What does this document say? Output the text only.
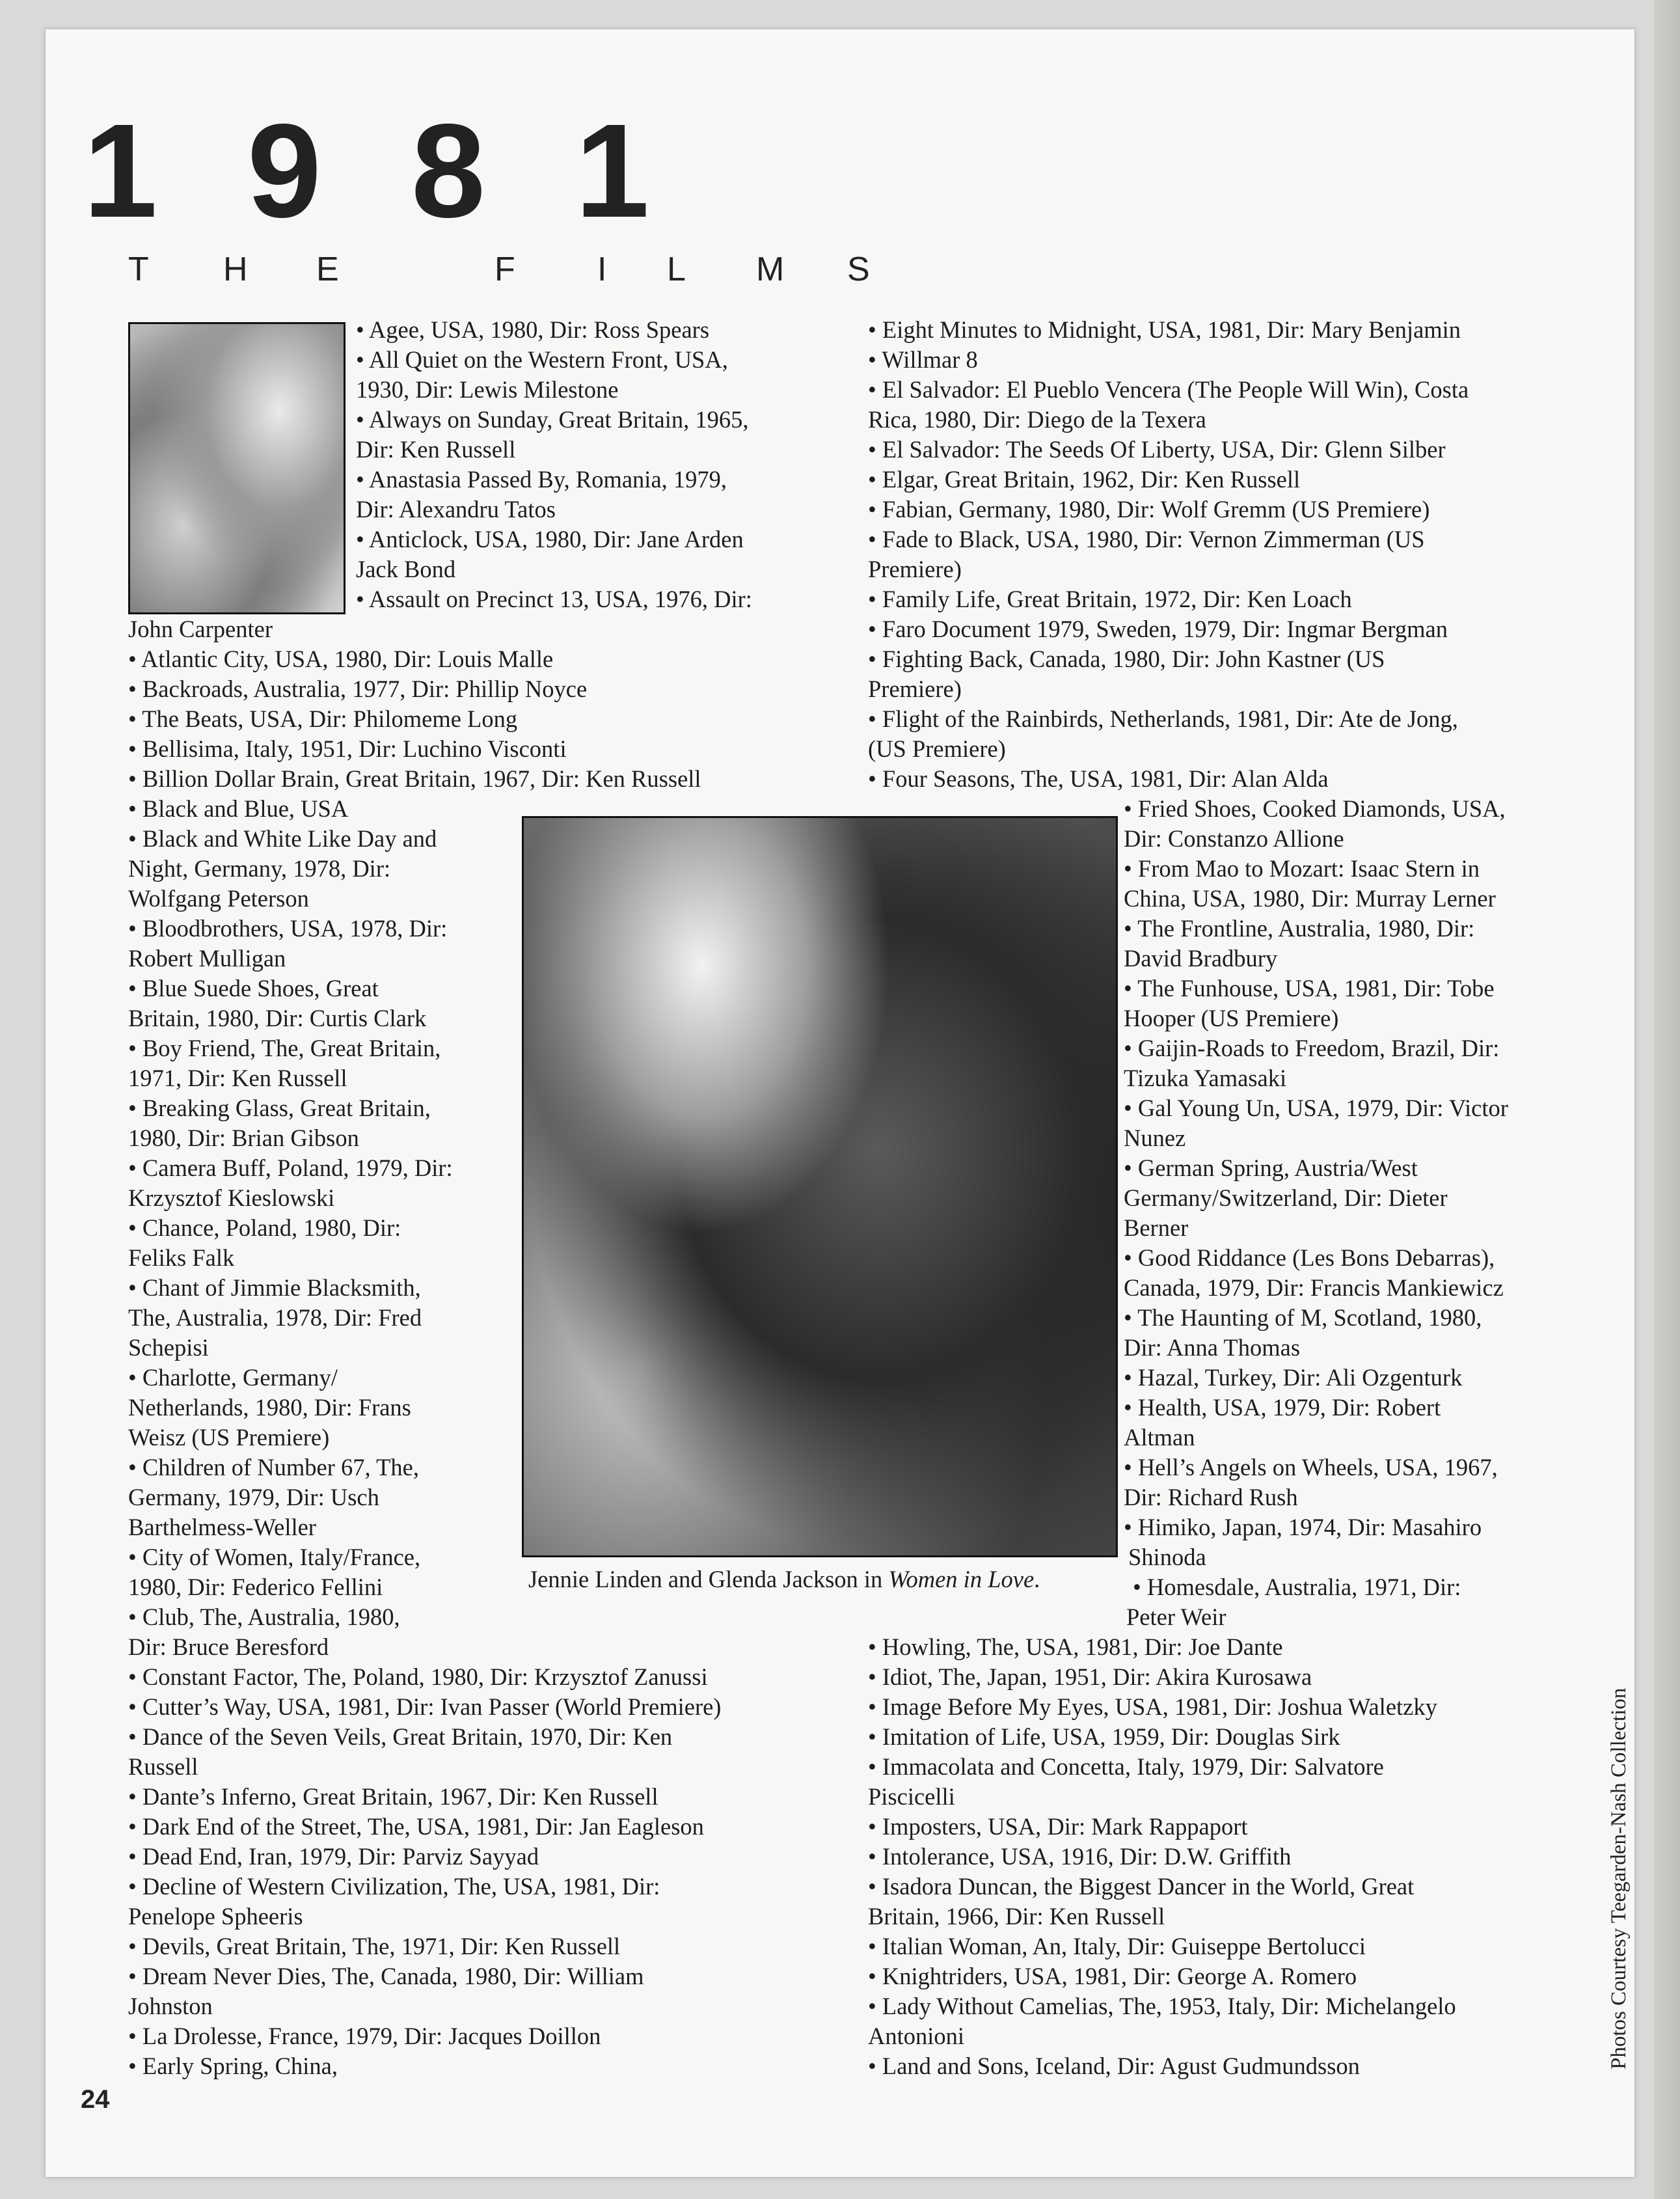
1981
T H E	F I L M S
Jennie Linden and Glenda Jackson in Women in Love.

• Agee, USA, 1980, Dir: Ross Spears

• All Quiet on the Western Front, USA,

1930, Dir: Lewis Milestone

• Always on Sunday, Great Britain, 1965,

Dir: Ken Russell

• Anastasia Passed By, Romania, 1979,

Dir: Alexandru Tatos

• Anticlock, USA, 1980, Dir: Jane Arden

Jack Bond

• Assault on Precinct 13, USA, 1976, Dir:

John Carpenter

• Atlantic City, USA, 1980, Dir: Louis Malle

• Backroads, Australia, 1977, Dir: Phillip Noyce

• The Beats, USA, Dir: Philomeme Long

• Bellisima, Italy, 1951, Dir: Luchino Visconti

• Billion Dollar Brain, Great Britain, 1967, Dir: Ken Russell

• Black and Blue, USA

• Black and White Like Day and

Night, Germany, 1978, Dir:

Wolfgang Peterson

• Bloodbrothers, USA, 1978, Dir:

Robert Mulligan

• Blue Suede Shoes, Great

Britain, 1980, Dir: Curtis Clark

• Boy Friend, The, Great Britain,

1971, Dir: Ken Russell

• Breaking Glass, Great Britain,

1980, Dir: Brian Gibson

• Camera Buff, Poland, 1979, Dir:

Krzysztof Kieslowski

• Chance, Poland, 1980, Dir:

Feliks Falk

• Chant of Jimmie Blacksmith,

The, Australia, 1978, Dir: Fred

Schepisi

• Charlotte, Germany/

Netherlands, 1980, Dir: Frans

Weisz (US Premiere)

• Children of Number 67, The,

Germany, 1979, Dir: Usch

Barthelmess-Weller

• City of Women, Italy/France,

1980, Dir: Federico Fellini

• Club, The, Australia, 1980,

Dir: Bruce Beresford

• Constant Factor, The, Poland, 1980, Dir: Krzysztof Zanussi

• Cutter’s Way, USA, 1981, Dir: Ivan Passer (World Premiere)

• Dance of the Seven Veils, Great Britain, 1970, Dir: Ken

Russell

• Dante’s Inferno, Great Britain, 1967, Dir: Ken Russell

• Dark End of the Street, The, USA, 1981, Dir: Jan Eagleson

• Dead End, Iran, 1979, Dir: Parviz Sayyad

• Decline of Western Civilization, The, USA, 1981, Dir:

Penelope Spheeris

• Devils, Great Britain, The, 1971, Dir: Ken Russell

• Dream Never Dies, The, Canada, 1980, Dir: William

Johnston

• La Drolesse, France, 1979, Dir: Jacques Doillon

• Early Spring, China,

• Eight Minutes to Midnight, USA, 1981, Dir: Mary Benjamin

• Willmar 8

• El Salvador: El Pueblo Vencera (The People Will Win), Costa

Rica, 1980, Dir: Diego de la Texera

• El Salvador: The Seeds Of Liberty, USA, Dir: Glenn Silber

• Elgar, Great Britain, 1962, Dir: Ken Russell

• Fabian, Germany, 1980, Dir: Wolf Gremm (US Premiere)

• Fade to Black, USA, 1980, Dir: Vernon Zimmerman (US

Premiere)

• Family Life, Great Britain, 1972, Dir: Ken Loach

• Faro Document 1979, Sweden, 1979, Dir: Ingmar Bergman

• Fighting Back, Canada, 1980, Dir: John Kastner (US

Premiere)

• Flight of the Rainbirds, Netherlands, 1981, Dir: Ate de Jong,

(US Premiere)

• Four Seasons, The, USA, 1981, Dir: Alan Alda

• Fried Shoes, Cooked Diamonds, USA,

Dir: Constanzo Allione

• From Mao to Mozart: Isaac Stern in

China, USA, 1980, Dir: Murray Lerner

• The Frontline, Australia, 1980, Dir:

David Bradbury

• The Funhouse, USA, 1981, Dir: Tobe

Hooper (US Premiere)

• Gaijin-Roads to Freedom, Brazil, Dir:

Tizuka Yamasaki

• Gal Young Un, USA, 1979, Dir: Victor

Nunez

• German Spring, Austria/West

Germany/Switzerland, Dir: Dieter

Berner

• Good Riddance (Les Bons Debarras),

Canada, 1979, Dir: Francis Mankiewicz

• The Haunting of M, Scotland, 1980,

Dir: Anna Thomas

• Hazal, Turkey, Dir: Ali Ozgenturk

• Health, USA, 1979, Dir: Robert

Altman

• Hell’s Angels on Wheels, USA, 1967,

Dir: Richard Rush

• Himiko, Japan, 1974, Dir: Masahiro

Shinoda

• Homesdale, Australia, 1971, Dir:

Peter Weir

• Howling, The, USA, 1981, Dir: Joe Dante

• Idiot, The, Japan, 1951, Dir: Akira Kurosawa

• Image Before My Eyes, USA, 1981, Dir: Joshua Waletzky

• Imitation of Life, USA, 1959, Dir: Douglas Sirk

• Immacolata and Concetta, Italy, 1979, Dir: Salvatore

Piscicelli

• Imposters, USA, Dir: Mark Rappaport

• Intolerance, USA, 1916, Dir: D.W. Griffith

• Isadora Duncan, the Biggest Dancer in the World, Great

Britain, 1966, Dir: Ken Russell

• Italian Woman, An, Italy, Dir: Guiseppe Bertolucci

• Knightriders, USA, 1981, Dir: George A. Romero

• Lady Without Camelias, The, 1953, Italy, Dir: Michelangelo

Antonioni

• Land and Sons, Iceland, Dir: Agust Gudmundsson

24
Photos Courtesy Teegarden-Nash Collection
